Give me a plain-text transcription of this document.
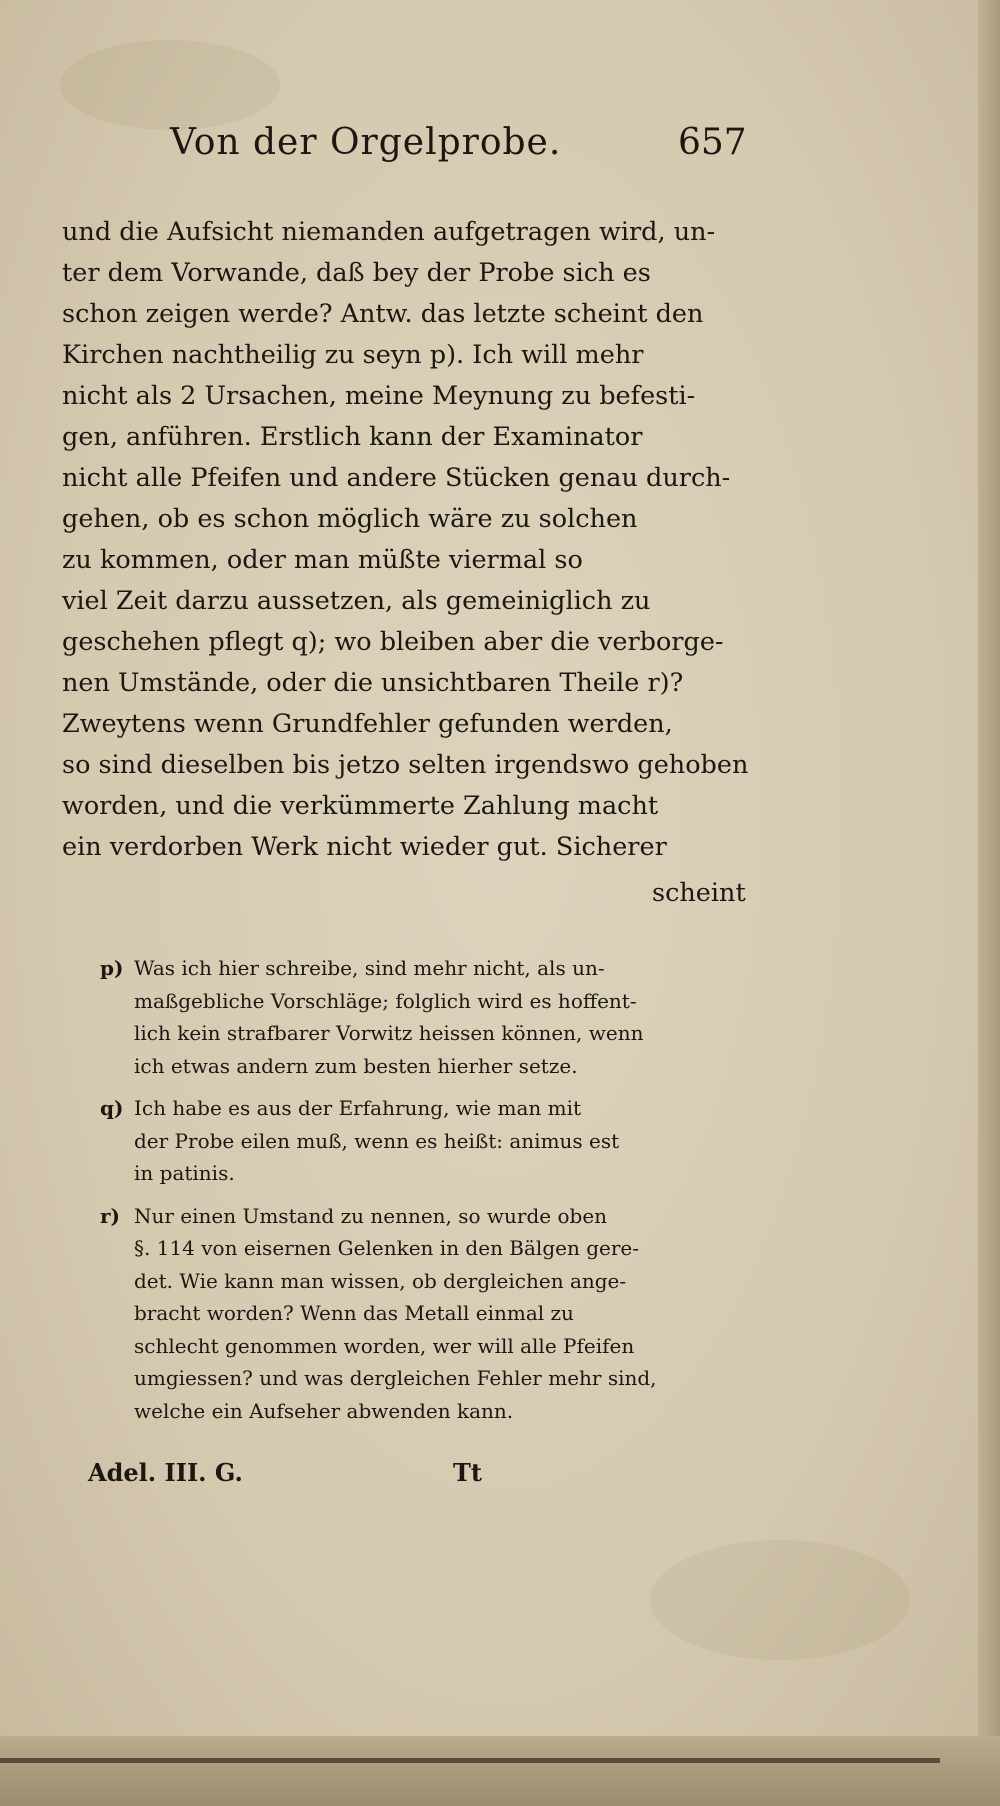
Von der Orgelprobe.	657
und die Aufsicht niemanden aufgetragen wird, un-
ter dem Vorwande, daß bey der Probe sich es
schon zeigen werde? Antw. das letzte scheint den
Kirchen nachtheilig zu seyn p). Ich will mehr
nicht als 2 Ursachen, meine Meynung zu befesti-
gen, anführen. Erstlich kann der Examinator
nicht alle Pfeifen und andere Stücken genau durch-
gehen, ob es schon möglich wäre zu solchen
zu kommen, oder man müßte viermal so
viel Zeit darzu aussetzen, als gemeiniglich zu
geschehen pflegt q); wo bleiben aber die verborge-
nen Umstände, oder die unsichtbaren Theile r)?
Zweytens wenn Grundfehler gefunden werden,
so sind dieselben bis jetzo selten irgendswo gehoben
worden, und die verkümmerte Zahlung macht
ein verdorben Werk nicht wieder gut. Sicherer
scheint
p) Was ich hier schreibe, sind mehr nicht, als un-
maßgebliche Vorschläge; folglich wird es hoffent-
lich kein strafbarer Vorwitz heissen können, wenn
ich etwas andern zum besten hierher setze.
q) Ich habe es aus der Erfahrung, wie man mit
der Probe eilen muß, wenn es heißt: animus est
in patinis.
r) Nur einen Umstand zu nennen, so wurde oben
§. 114 von eisernen Gelenken in den Bälgen gere-
det. Wie kann man wissen, ob dergleichen ange-
bracht worden? Wenn das Metall einmal zu
schlecht genommen worden, wer will alle Pfeifen
umgiessen? und was dergleichen Fehler mehr sind,
welche ein Aufseher abwenden kann.
Adel. III. G.	Tt
